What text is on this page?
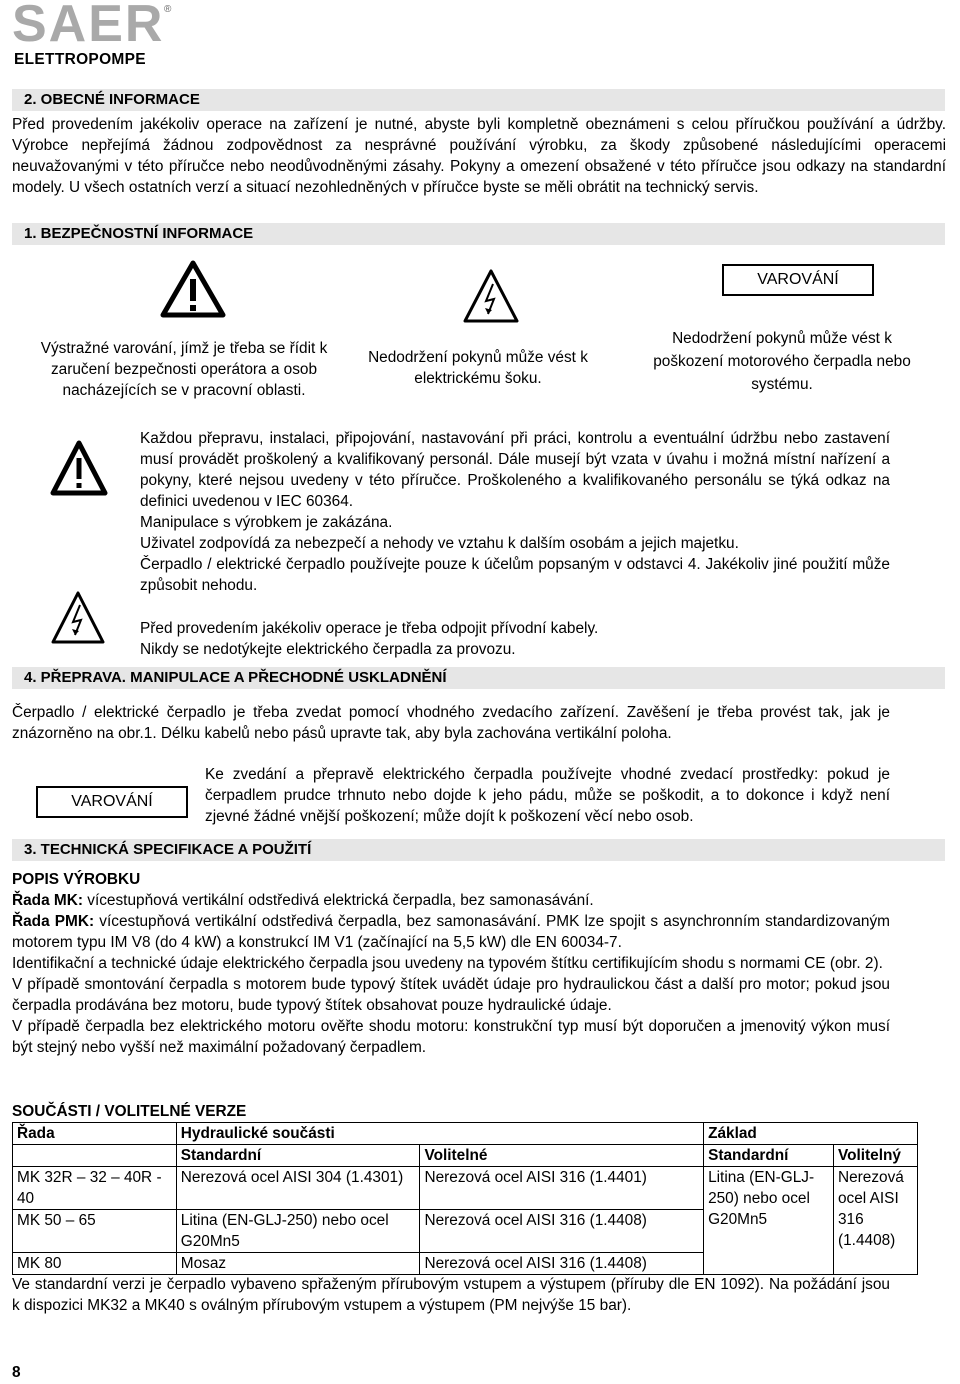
SAER ®
ELETTROPOMPE
2. OBECNÉ INFORMACE
Před provedením jakékoliv operace na zařízení je nutné, abyste byli kompletně obeznámeni s celou příručkou používání a údržby. Výrobce nepřejímá žádnou zodpovědnost za nesprávné používání výrobku, za škody způsobené následujícími operacemi neuvažovanými v této příručce nebo neodůvodněnými zásahy. Pokyny a omezení obsažené v této příručce jsou odkazy na standardní modely. U všech ostatních verzí a situací nezohledněných v příručce byste se měli obrátit na technický servis.
1. BEZPEČNOSTNÍ INFORMACE
Výstražné varování, jímž je třeba se řídit k zaručení bezpečnosti operátora a osob nacházejících se v pracovní oblasti.
Nedodržení pokynů může vést k elektrickému šoku.
VAROVÁNÍ
Nedodržení pokynů může vést k poškození motorového čerpadla nebo systému.
Každou přepravu, instalaci, připojování, nastavování při práci, kontrolu a eventuální údržbu nebo zastavení musí provádět proškolený a kvalifikovaný personál. Dále musejí být vzata v úvahu i možná místní nařízení a pokyny, které nejsou uvedeny v této příručce. Proškoleného a kvalifikovaného personálu se týká odkaz na definici uvedenou v IEC 60364.
Manipulace s výrobkem je zakázána.
Uživatel zodpovídá za nebezpečí a nehody ve vztahu k dalším osobám a jejich majetku.
Čerpadlo / elektrické čerpadlo používejte pouze k účelům popsaným v odstavci 4. Jakékoliv jiné použití může způsobit nehodu.
Před provedením jakékoliv operace je třeba odpojit přívodní kabely.
Nikdy se nedotýkejte elektrického čerpadla za provozu.
4. PŘEPRAVA. MANIPULACE A PŘECHODNÉ USKLADNĚNÍ
Čerpadlo / elektrické čerpadlo je třeba zvedat pomocí vhodného zvedacího zařízení. Zavěšení je třeba provést tak, jak je znázorněno na obr.1. Délku kabelů nebo pásů upravte tak, aby byla zachována vertikální poloha.
VAROVÁNÍ
Ke zvedání a přepravě elektrického čerpadla používejte vhodné zvedací prostředky: pokud je čerpadlem prudce trhnuto nebo dojde k jeho pádu, může se poškodit, a to dokonce i když není zjevné žádné vnější poškození; může dojít k poškození věcí nebo osob.
3. TECHNICKÁ SPECIFIKACE A POUŽITÍ
POPIS VÝROBKU
Řada MK: vícestupňová vertikální odstředivá elektrická čerpadla, bez samonasávání.
Řada PMK: vícestupňová vertikální odstředivá čerpadla, bez samonasávání. PMK lze spojit s asynchronním standardizovaným motorem typu IM V8 (do 4 kW) a konstrukcí IM V1 (začínající na 5,5 kW) dle EN 60034-7.
Identifikační a technické údaje elektrického čerpadla jsou uvedeny na typovém štítku certifikujícím shodu s normami CE (obr. 2).
V případě smontování čerpadla s motorem bude typový štítek uvádět údaje pro hydraulickou část a další pro motor; pokud jsou čerpadla prodávána bez motoru, bude typový štítek obsahovat pouze hydraulické údaje.
V případě čerpadla bez elektrického motoru ověřte shodu motoru: konstrukční typ musí být doporučen a jmenovitý výkon musí být stejný nebo vyšší než maximální požadovaný čerpadlem.
SOUČÁSTI / VOLITELNÉ VERZE
Řada	Hydraulické součásti		Základ	
	Standardní	Volitelné	Standardní	Volitelný
MK 32R – 32 – 40R - 40	Nerezová ocel AISI 304 (1.4301)	Nerezová ocel AISI 316 (1.4401)	Litina (EN-GLJ-250) nebo ocel G20Mn5	Nerezová ocel AISI 316 (1.4408)
MK 50 – 65	Litina (EN-GLJ-250) nebo ocel G20Mn5	Nerezová ocel AISI 316 (1.4408)		
MK 80	Mosaz	Nerezová ocel AISI 316 (1.4408)		
Ve standardní verzi je čerpadlo vybaveno spřaženým přírubovým vstupem a výstupem (příruby dle EN 1092). Na požádání jsou k dispozici MK32 a MK40 s oválným přírubovým vstupem a výstupem (PM nejvýše 15 bar).
8
